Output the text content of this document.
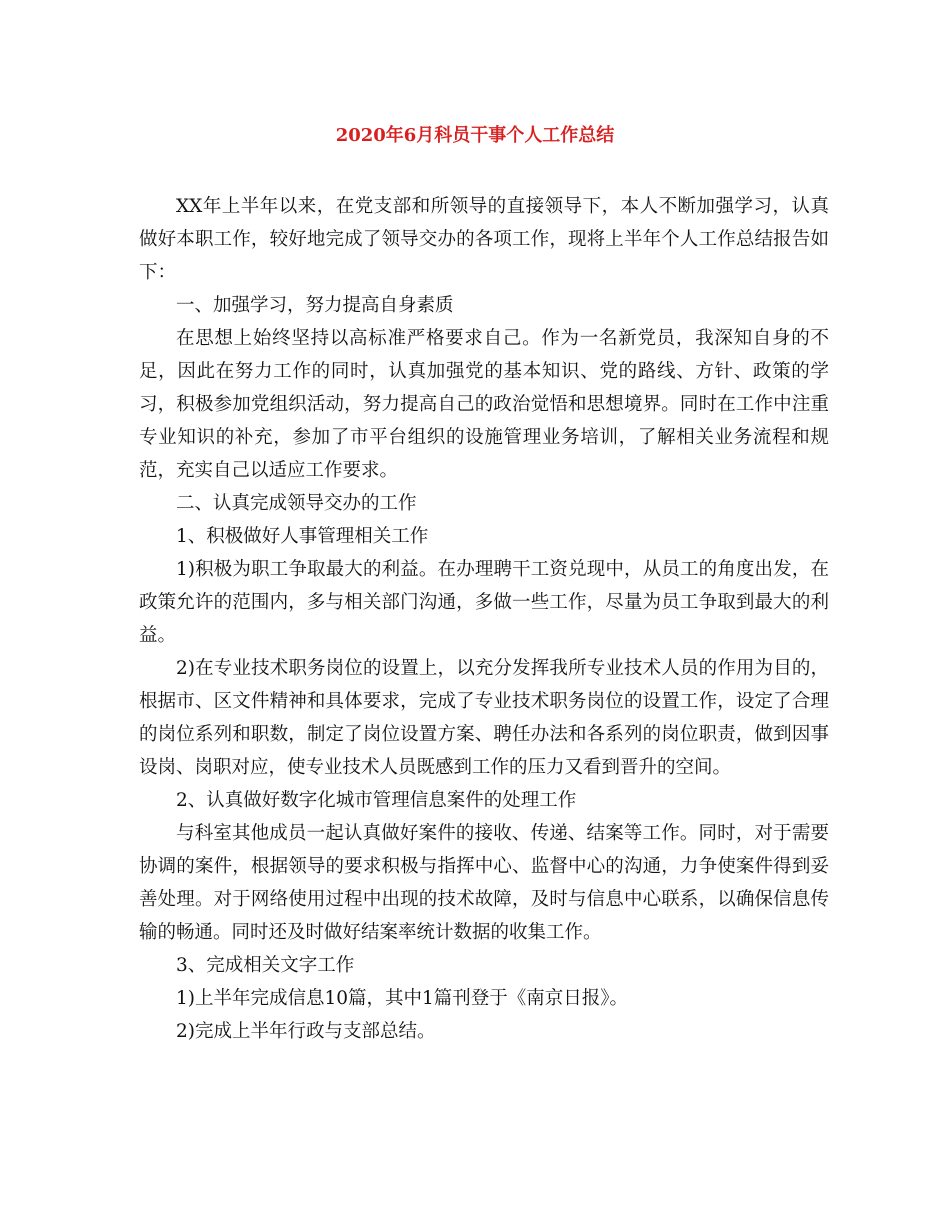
2020年6月科员干事个人工作总结

XX年上半年以来，在党支部和所领导的直接领导下，本人不断加强学习，认真做好本职工作，较好地完成了领导交办的各项工作，现将上半年个人工作总结报告如下：

一、加强学习，努力提高自身素质

在思想上始终坚持以高标准严格要求自己。作为一名新党员，我深知自身的不足，因此在努力工作的同时，认真加强党的基本知识、党的路线、方针、政策的学习，积极参加党组织活动，努力提高自己的政治觉悟和思想境界。同时在工作中注重专业知识的补充，参加了市平台组织的设施管理业务培训，了解相关业务流程和规范，充实自己以适应工作要求。

二、认真完成领导交办的工作

1、积极做好人事管理相关工作

1)积极为职工争取最大的利益。在办理聘干工资兑现中，从员工的角度出发，在政策允许的范围内，多与相关部门沟通，多做一些工作，尽量为员工争取到最大的利益。

2)在专业技术职务岗位的设置上，以充分发挥我所专业技术人员的作用为目的，根据市、区文件精神和具体要求，完成了专业技术职务岗位的设置工作，设定了合理的岗位系列和职数，制定了岗位设置方案、聘任办法和各系列的岗位职责，做到因事设岗、岗职对应，使专业技术人员既感到工作的压力又看到晋升的空间。

2、认真做好数字化城市管理信息案件的处理工作

与科室其他成员一起认真做好案件的接收、传递、结案等工作。同时，对于需要协调的案件，根据领导的要求积极与指挥中心、监督中心的沟通，力争使案件得到妥善处理。对于网络使用过程中出现的技术故障，及时与信息中心联系，以确保信息传输的畅通。同时还及时做好结案率统计数据的收集工作。

3、完成相关文字工作

1)上半年完成信息10篇，其中1篇刊登于《南京日报》。

2)完成上半年行政与支部总结。
